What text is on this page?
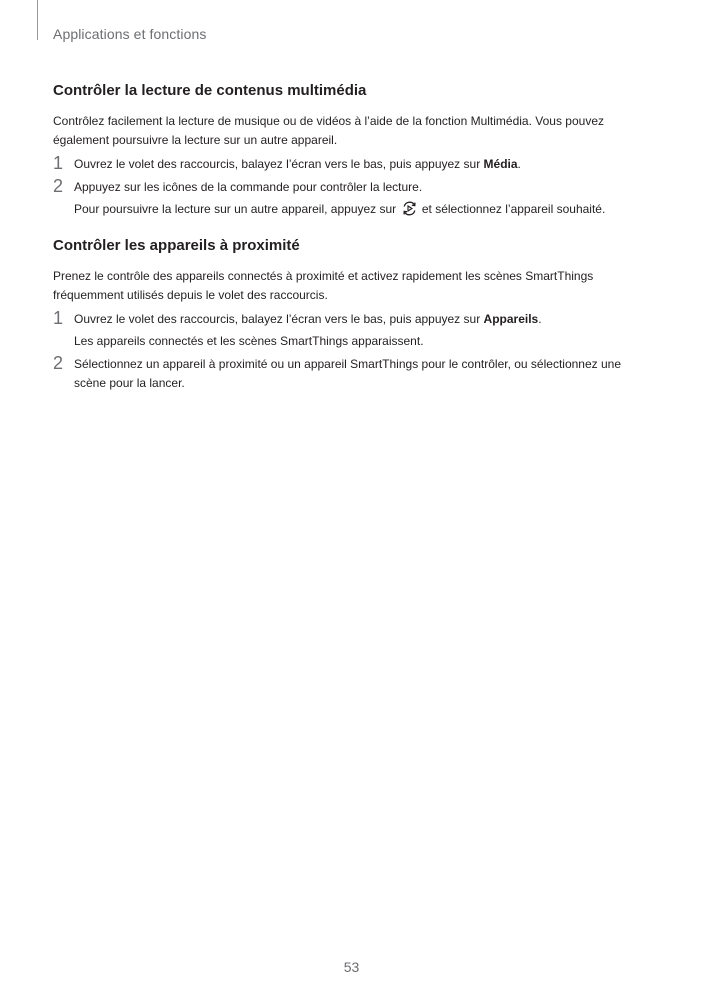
Applications et fonctions
Contrôler la lecture de contenus multimédia

Contrôlez facilement la lecture de musique ou de vidéos à l’aide de la fonction Multimédia. Vous pouvez également poursuivre la lecture sur un autre appareil.

1 Ouvrez le volet des raccourcis, balayez l’écran vers le bas, puis appuyez sur Média.
2 Appuyez sur les icônes de la commande pour contrôler la lecture.
Pour poursuivre la lecture sur un autre appareil, appuyez sur  et sélectionnez l’appareil souhaité.
Contrôler les appareils à proximité

Prenez le contrôle des appareils connectés à proximité et activez rapidement les scènes SmartThings fréquemment utilisés depuis le volet des raccourcis.

1 Ouvrez le volet des raccourcis, balayez l’écran vers le bas, puis appuyez sur Appareils.
Les appareils connectés et les scènes SmartThings apparaissent.
2 Sélectionnez un appareil à proximité ou un appareil SmartThings pour le contrôler, ou sélectionnez une scène pour la lancer.
53
